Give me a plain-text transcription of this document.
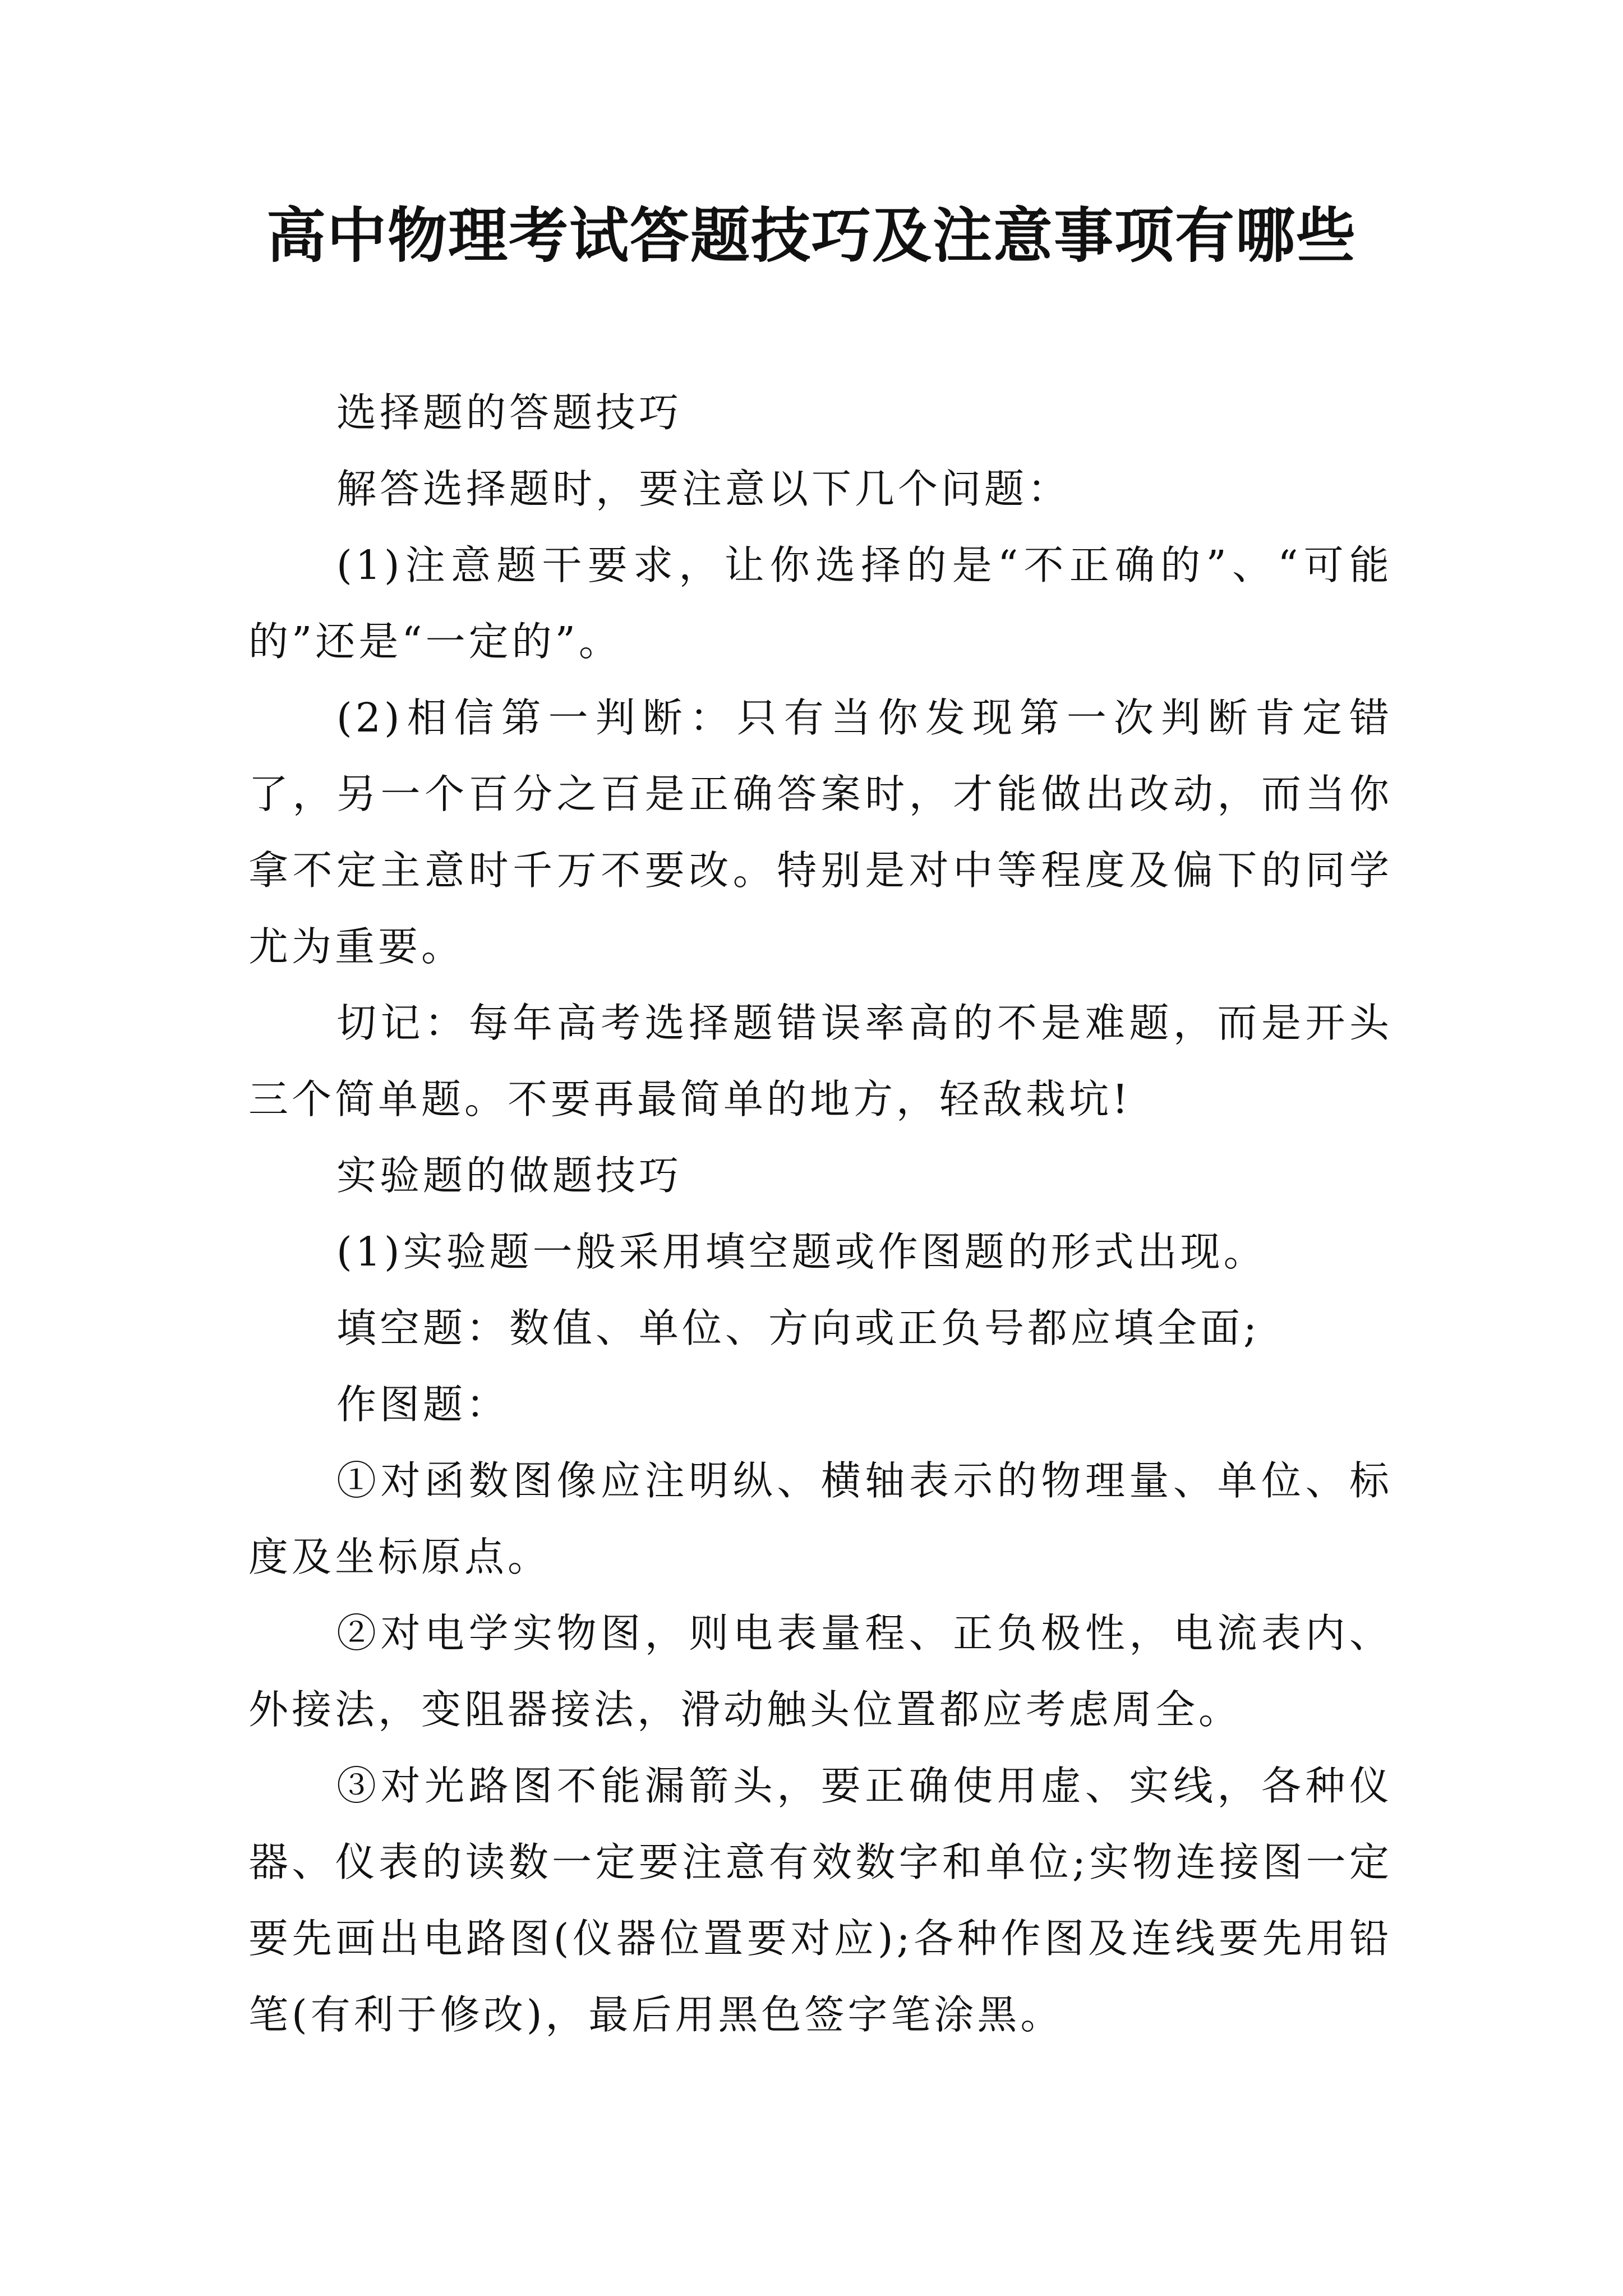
高中物理考试答题技巧及注意事项有哪些

选择题的答题技巧

解答选择题时，要注意以下几个问题：

(1)注意题干要求，让你选择的是“不正确的”、“可能的”还是“一定的”。

(2)相信第一判断：只有当你发现第一次判断肯定错了，另一个百分之百是正确答案时，才能做出改动，而当你拿不定主意时千万不要改。特别是对中等程度及偏下的同学尤为重要。

切记：每年高考选择题错误率高的不是难题，而是开头三个简单题。不要再最简单的地方，轻敌栽坑!

实验题的做题技巧

(1)实验题一般采用填空题或作图题的形式出现。

填空题：数值、单位、方向或正负号都应填全面;

作图题：

①对函数图像应注明纵、横轴表示的物理量、单位、标度及坐标原点。

②对电学实物图，则电表量程、正负极性，电流表内、外接法，变阻器接法，滑动触头位置都应考虑周全。

③对光路图不能漏箭头，要正确使用虚、实线，各种仪器、仪表的读数一定要注意有效数字和单位;实物连接图一定要先画出电路图(仪器位置要对应);各种作图及连线要先用铅笔(有利于修改)，最后用黑色签字笔涂黑。
